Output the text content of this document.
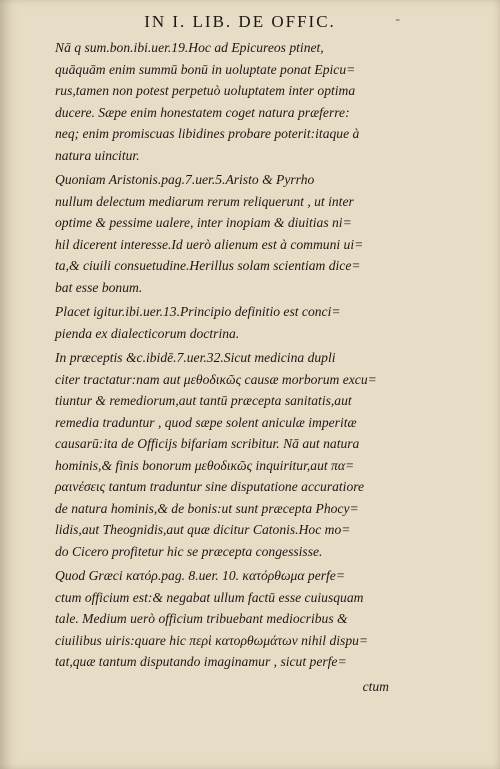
IN I. LIB. DE OFFIC.	-
Nā q sum.bon.ibi.uer.19.Hoc ad Epicureos ptinet,
quāquām enim summū bonū in uoluptate ponat Epicu=
rus,tamen non potest perpetuò uoluptatem inter optima
ducere. Sæpe enim honestatem coget natura præferre:
neq; enim promiscuas libidines probare poterit:itaque à
natura uincitur.
Quoniam Aristonis.pag.7.uer.5.Aristo & Pyrrho
nullum delectum mediarum rerum reliquerunt , ut inter
optime & pessime ualere, inter inopiam & diuitias ni=
hil dicerent interesse.Id uerò alienum est à communi ui=
ta,& ciuili consuetudine.Herillus solam scientiam dice=
bat esse bonum.
Placet igitur.ibi.uer.13.Principio definitio est conci=
pienda ex dialecticorum doctrina.
In præceptis &c.ibidē.7.uer.32.Sicut medicina dupli
citer tractatur:nam aut μεθοδικῶς causæ morborum excu=
tiuntur & remediorum,aut tantū præcepta sanitatis,aut
remedia traduntur , quod sæpe solent aniculæ imperitæ
causarū:ita de Officijs bifariam scribitur. Nā aut natura
hominis,& finis bonorum μεθοδικῶς inquiritur,aut πα=
ραινέσεις tantum traduntur sine disputatione accuratiore
de natura hominis,& de bonis:ut sunt præcepta Phocy=
lidis,aut Theognidis,aut quæ dicitur Catonis.Hoc mo=
do Cicero profitetur hic se præcepta congessisse.
Quod Græci κατόρ.pag. 8.uer. 10. κατόρθωμα perfe=
ctum officium est:& negabat ullum factū esse cuiusquam
tale. Medium uerò officium tribuebant mediocribus &
ciuilibus uiris:quare hic περὶ κατορθωμάτων nihil dispu=
tat,quæ tantum disputando imaginamur , sicut perfe=
ctum
